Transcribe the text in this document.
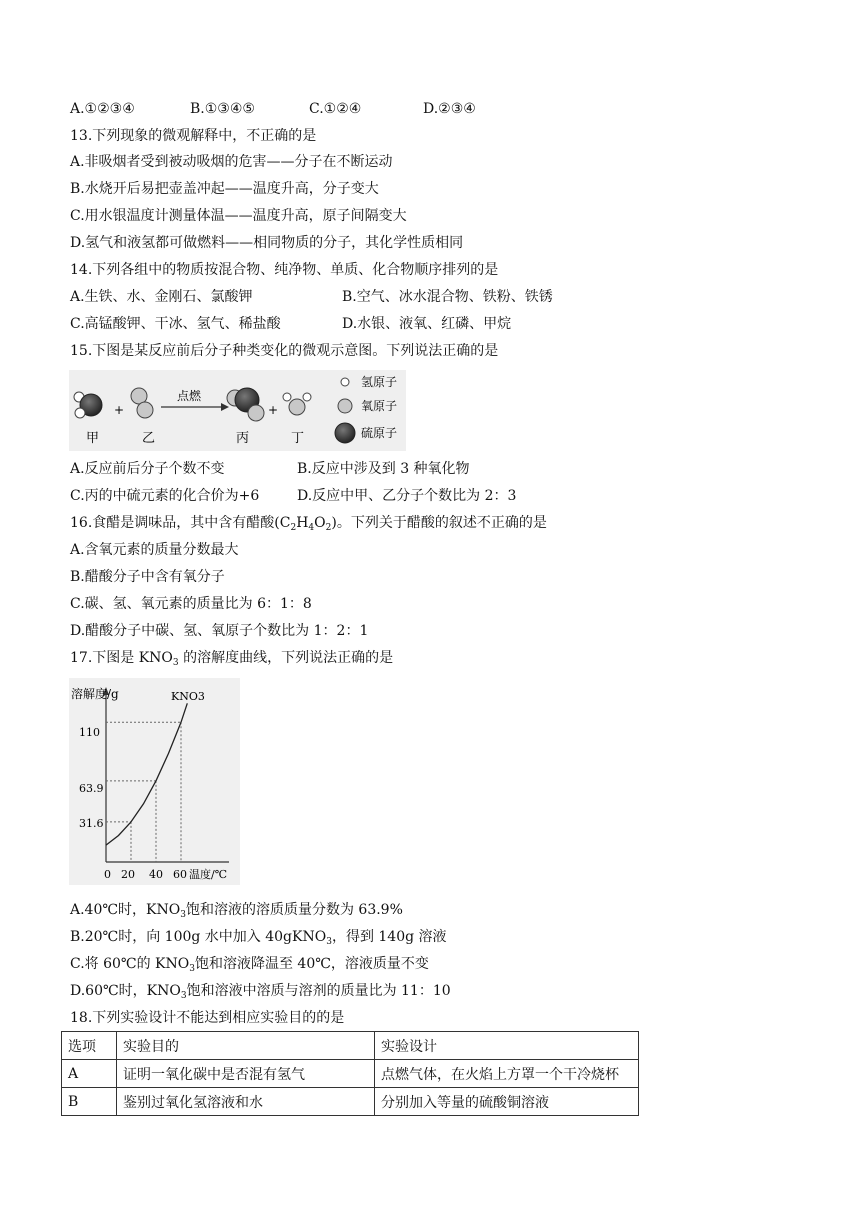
A.①②③④	B.①③④⑤	C.①②④	D.②③④
13.下列现象的微观解释中，不正确的是
A.非吸烟者受到被动吸烟的危害——分子在不断运动
B.水烧开后易把壶盖冲起——温度升高，分子变大
C.用水银温度计测量体温——温度升高，原子间隔变大
D.氢气和液氢都可做燃料——相同物质的分子，其化学性质相同
14.下列各组中的物质按混合物、纯净物、单质、化合物顺序排列的是
A.生铁、水、金刚石、氯酸钾	B.空气、冰水混合物、铁粉、铁锈
C.高锰酸钾、干冰、氢气、稀盐酸	D.水银、液氧、红磷、甲烷
15.下图是某反应前后分子种类变化的微观示意图。下列说法正确的是
+
点燃
+
甲	乙	丙	丁
氢原子
氧原子
硫原子
A.反应前后分子个数不变	B.反应中涉及到 3 种氧化物
C.丙的中硫元素的化合价为+6	D.反应中甲、乙分子个数比为 2：3
16.食醋是调味品，其中含有醋酸$(C_2H_4O_2)$。下列关于醋酸的叙述不正确的是
A.含氧元素的质量分数最大
B.醋酸分子中含有氧分子
C.碳、氢、氧元素的质量比为 6：1：8
D.醋酸分子中碳、氢、氧原子个数比为 1：2：1
17.下图是 $KNO_3$ 的溶解度曲线，下列说法正确的是
溶解度/g
温度/℃
KNO3
110
63.9
31.6
0 20 40 60
A.40℃时，$KNO_3$饱和溶液的溶质质量分数为 63.9%
B.20℃时，向 100g 水中加入 40gKNO$_3$，得到 140g 溶液
C.将 60℃的 $KNO_3$饱和溶液降温至 40℃，溶液质量不变
D.60℃时，$KNO_3$饱和溶液中溶质与溶剂的质量比为 11：10
18.下列实验设计不能达到相应实验目的的是
选项	实验目的	实验设计
A	证明一氧化碳中是否混有氢气	点燃气体，在火焰上方罩一个干冷烧杯
B	鉴别过氧化氢溶液和水	分别加入等量的硫酸铜溶液
